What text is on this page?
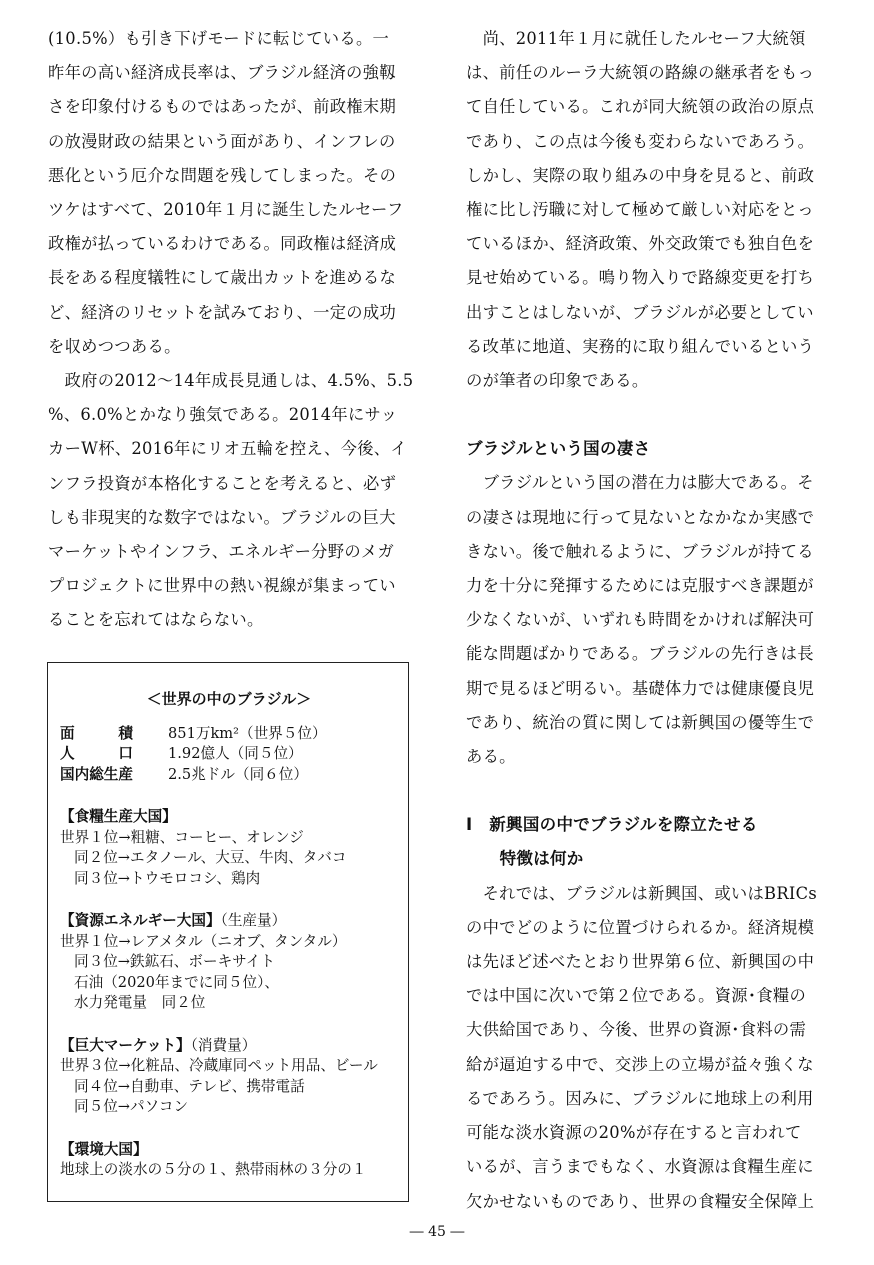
(10.5%）も引き下げモードに転じている。一

昨年の高い経済成長率は、ブラジル経済の強靱

さを印象付けるものではあったが、前政権末期

の放漫財政の結果という面があり、インフレの

悪化という厄介な問題を残してしまった。その

ツケはすべて、2010年１月に誕生したルセーフ

政権が払っているわけである。同政権は経済成

長をある程度犠牲にして歳出カットを進めるな

ど、経済のリセットを試みており、一定の成功

を収めつつある。

　政府の2012～14年成長見通しは、4.5%、5.5

%、6.0%とかなり強気である。2014年にサッ

カーW杯、2016年にリオ五輪を控え、今後、イ

ンフラ投資が本格化することを考えると、必ず

しも非現実的な数字ではない。ブラジルの巨大

マーケットやインフラ、エネルギー分野のメガ

プロジェクトに世界中の熱い視線が集まってい

ることを忘れてはならない。

＜世界の中のブラジル＞

面　　　積	851万km²（世界５位）
人　　　口	1.92億人（同５位）
国内総生産	2.5兆ドル（同６位）

【食糧生産大国】

世界１位→粗糖、コーヒー、オレンジ

同２位→エタノール、大豆、牛肉、タバコ

同３位→トウモロコシ、鶏肉

【資源エネルギー大国】（生産量）

世界１位→レアメタル（ニオブ、タンタル）

同３位→鉄鉱石、ボーキサイト

石油（2020年までに同５位）、

水力発電量　同２位

【巨大マーケット】（消費量）

世界３位→化粧品、冷蔵庫同ペット用品、ビール

同４位→自動車、テレビ、携帯電話

同５位→パソコン

【環境大国】

地球上の淡水の５分の１、熱帯雨林の３分の１

　尚、2011年１月に就任したルセーフ大統領

は、前任のルーラ大統領の路線の継承者をもっ

て自任している。これが同大統領の政治の原点

であり、この点は今後も変わらないであろう。

しかし、実際の取り組みの中身を見ると、前政

権に比し汚職に対して極めて厳しい対応をとっ

ているほか、経済政策、外交政策でも独自色を

見せ始めている。鳴り物入りで路線変更を打ち

出すことはしないが、ブラジルが必要としてい

る改革に地道、実務的に取り組んでいるという

のが筆者の印象である。

ブラジルという国の凄さ

　ブラジルという国の潜在力は膨大である。そ

の凄さは現地に行って見ないとなかなか実感で

きない。後で触れるように、ブラジルが持てる

力を十分に発揮するためには克服すべき課題が

少なくないが、いずれも時間をかければ解決可

能な問題ばかりである。ブラジルの先行きは長

期で見るほど明るい。基礎体力では健康優良児

であり、統治の質に関しては新興国の優等生で

ある。

Ⅰ　新興国の中でブラジルを際立たせる

　　特徴は何か

　それでは、ブラジルは新興国、或いはBRICs

の中でどのように位置づけられるか。経済規模

は先ほど述べたとおり世界第６位、新興国の中

では中国に次いで第２位である。資源･食糧の

大供給国であり、今後、世界の資源･食料の需

給が逼迫する中で、交渉上の立場が益々強くな

るであろう。因みに、ブラジルに地球上の利用

可能な淡水資源の20%が存在すると言われて

いるが、言うまでもなく、水資源は食糧生産に

欠かせないものであり、世界の食糧安全保障上

― 45 ―
